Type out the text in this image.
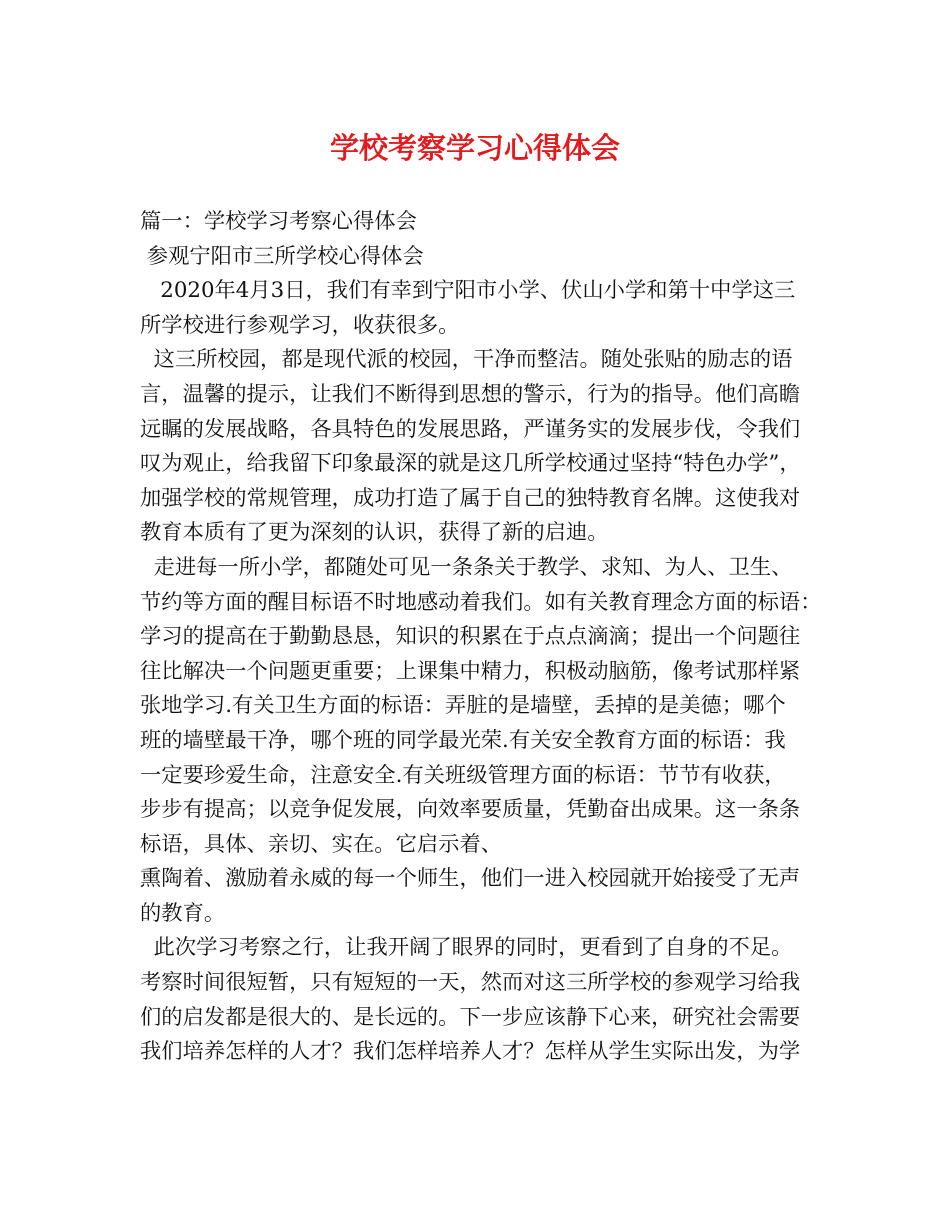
学校考察学习心得体会
篇一：学校学习考察心得体会
参观宁阳市三所学校心得体会
2020年4月3日，我们有幸到宁阳市小学、伏山小学和第十中学这三
所学校进行参观学习，收获很多。
这三所校园，都是现代派的校园，干净而整洁。随处张贴的励志的语
言，温馨的提示，让我们不断得到思想的警示，行为的指导。他们高瞻
远瞩的发展战略，各具特色的发展思路，严谨务实的发展步伐，令我们
叹为观止，给我留下印象最深的就是这几所学校通过坚持“特色办学”，
加强学校的常规管理，成功打造了属于自己的独特教育名牌。这使我对
教育本质有了更为深刻的认识，获得了新的启迪。
走进每一所小学，都随处可见一条条关于教学、求知、为人、卫生、
节约等方面的醒目标语不时地感动着我们。如有关教育理念方面的标语：
学习的提高在于勤勤恳恳，知识的积累在于点点滴滴；提出一个问题往
往比解决一个问题更重要；上课集中精力，积极动脑筋，像考试那样紧
张地学习.有关卫生方面的标语：弄脏的是墙壁，丢掉的是美德；哪个
班的墙壁最干净，哪个班的同学最光荣.有关安全教育方面的标语：我
一定要珍爱生命，注意安全.有关班级管理方面的标语：节节有收获，
步步有提高；以竞争促发展，向效率要质量，凭勤奋出成果。这一条条
标语，具体、亲切、实在。它启示着、
熏陶着、激励着永威的每一个师生，他们一进入校园就开始接受了无声
的教育。
此次学习考察之行，让我开阔了眼界的同时，更看到了自身的不足。
考察时间很短暂，只有短短的一天，然而对这三所学校的参观学习给我
们的启发都是很大的、是长远的。下一步应该静下心来，研究社会需要
我们培养怎样的人才？我们怎样培养人才？怎样从学生实际出发，为学
